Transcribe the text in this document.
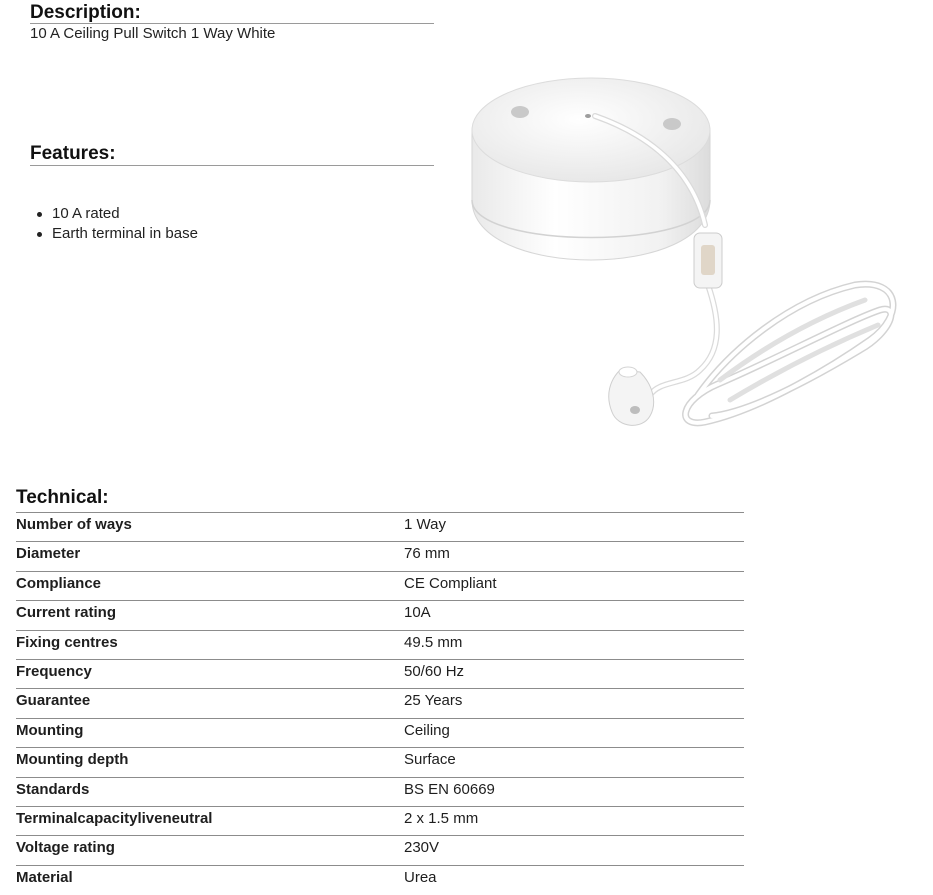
Description:
10 A Ceiling Pull Switch 1 Way White
Features:
10 A rated
Earth terminal in base
Technical:
Number of ways	1 Way
Diameter	76 mm
Compliance	CE Compliant
Current rating	10A
Fixing centres	49.5 mm
Frequency	50/60 Hz
Guarantee	25 Years
Mounting	Ceiling
Mounting depth	Surface
Standards	BS EN 60669
Terminalcapacityliveneutral	2 x 1.5 mm
Voltage rating	230V
Material	Urea
